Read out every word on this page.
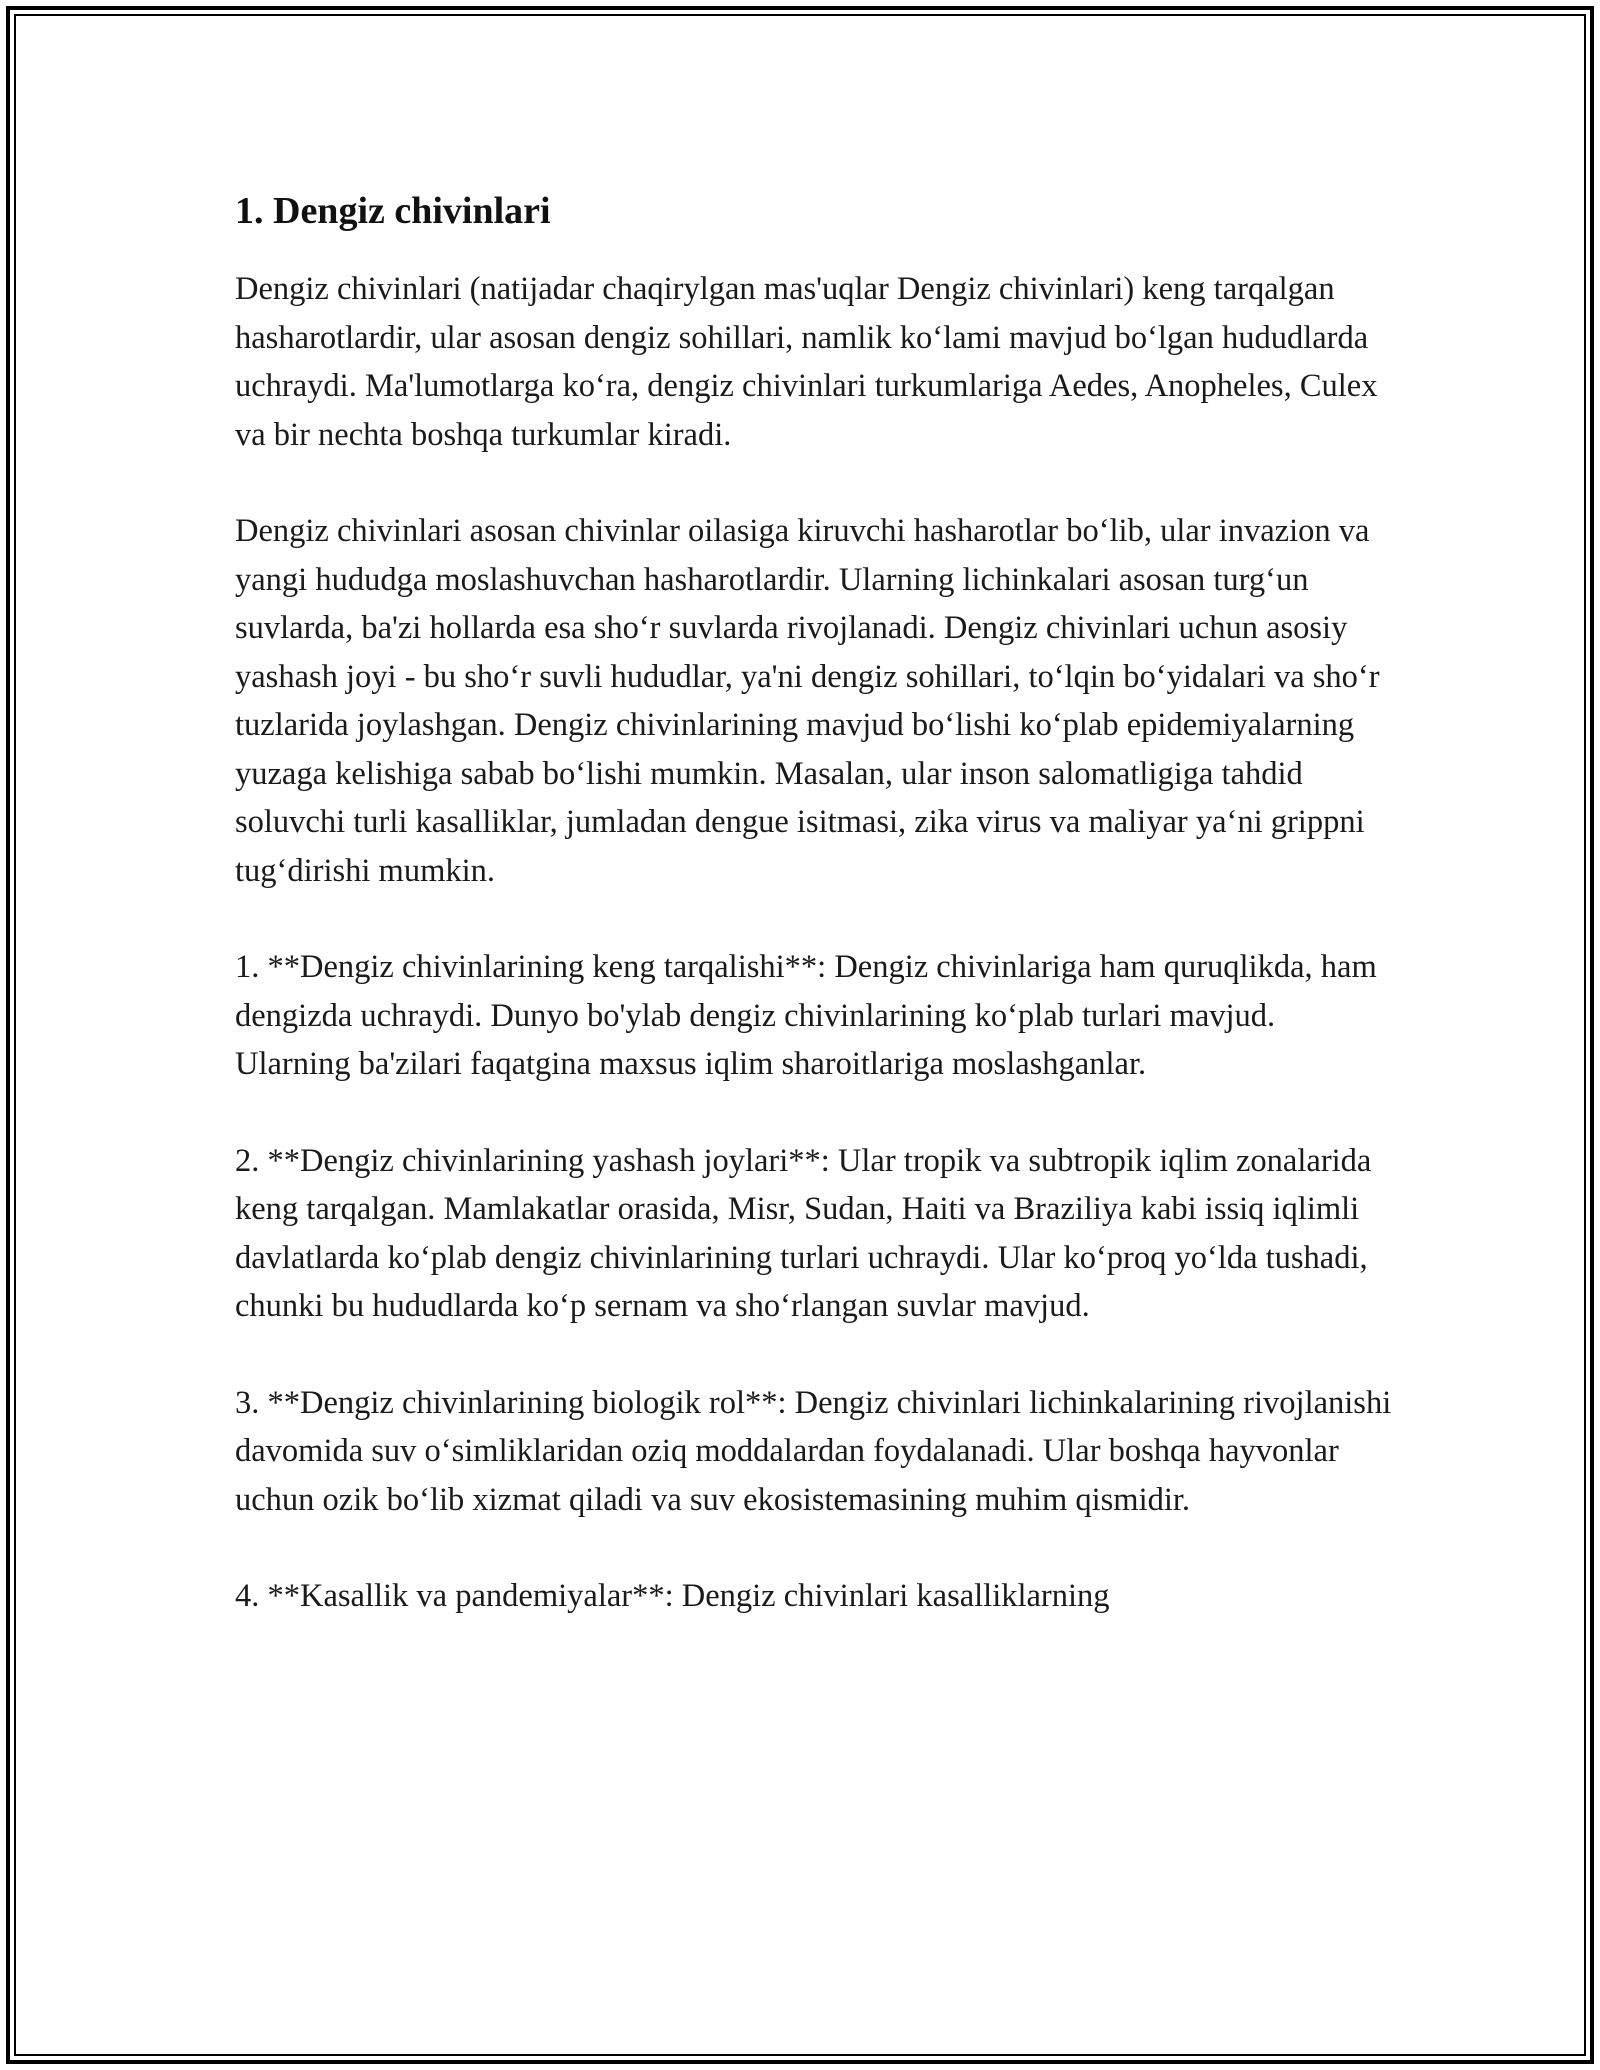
1. Dengiz chivinlari

Dengiz chivinlari (natijadar chaqirylgan mas'uqlar Dengiz chivinlari) keng tarqalgan hasharotlardir, ular asosan dengiz sohillari, namlik ko‘lami mavjud bo‘lgan hududlarda uchraydi. Ma'lumotlarga ko‘ra, dengiz chivinlari turkumlariga Aedes, Anopheles, Culex va bir nechta boshqa turkumlar kiradi.

Dengiz chivinlari asosan chivinlar oilasiga kiruvchi hasharotlar bo‘lib, ular invazion va yangi hududga moslashuvchan hasharotlardir. Ularning lichinkalari asosan turg‘un suvlarda, ba'zi hollarda esa sho‘r suvlarda rivojlanadi. Dengiz chivinlari uchun asosiy yashash joyi - bu sho‘r suvli hududlar, ya'ni dengiz sohillari, to‘lqin bo‘yidalari va sho‘r tuzlarida joylashgan. Dengiz chivinlarining mavjud bo‘lishi ko‘plab epidemiyalarning yuzaga kelishiga sabab bo‘lishi mumkin. Masalan, ular inson salomatligiga tahdid soluvchi turli kasalliklar, jumladan dengue isitmasi, zika virus va maliyar ya‘ni grippni tug‘dirishi mumkin.

1. **Dengiz chivinlarining keng tarqalishi**: Dengiz chivinlariga ham quruqlikda, ham dengizda uchraydi. Dunyo bo'ylab dengiz chivinlarining ko‘plab turlari mavjud. Ularning ba'zilari faqatgina maxsus iqlim sharoitlariga moslashganlar.

2. **Dengiz chivinlarining yashash joylari**: Ular tropik va subtropik iqlim zonalarida keng tarqalgan. Mamlakatlar orasida, Misr, Sudan, Haiti va Braziliya kabi issiq iqlimli davlatlarda ko‘plab dengiz chivinlarining turlari uchraydi. Ular ko‘proq yo‘lda tushadi, chunki bu hududlarda ko‘p sernam va sho‘rlangan suvlar mavjud.

3. **Dengiz chivinlarining biologik rol**: Dengiz chivinlari lichinkalarining rivojlanishi davomida suv o‘simliklaridan oziq moddalardan foydalanadi. Ular boshqa hayvonlar uchun ozik bo‘lib xizmat qiladi va suv ekosistemasining muhim qismidir.

4. **Kasallik va pandemiyalar**: Dengiz chivinlari kasalliklarning
